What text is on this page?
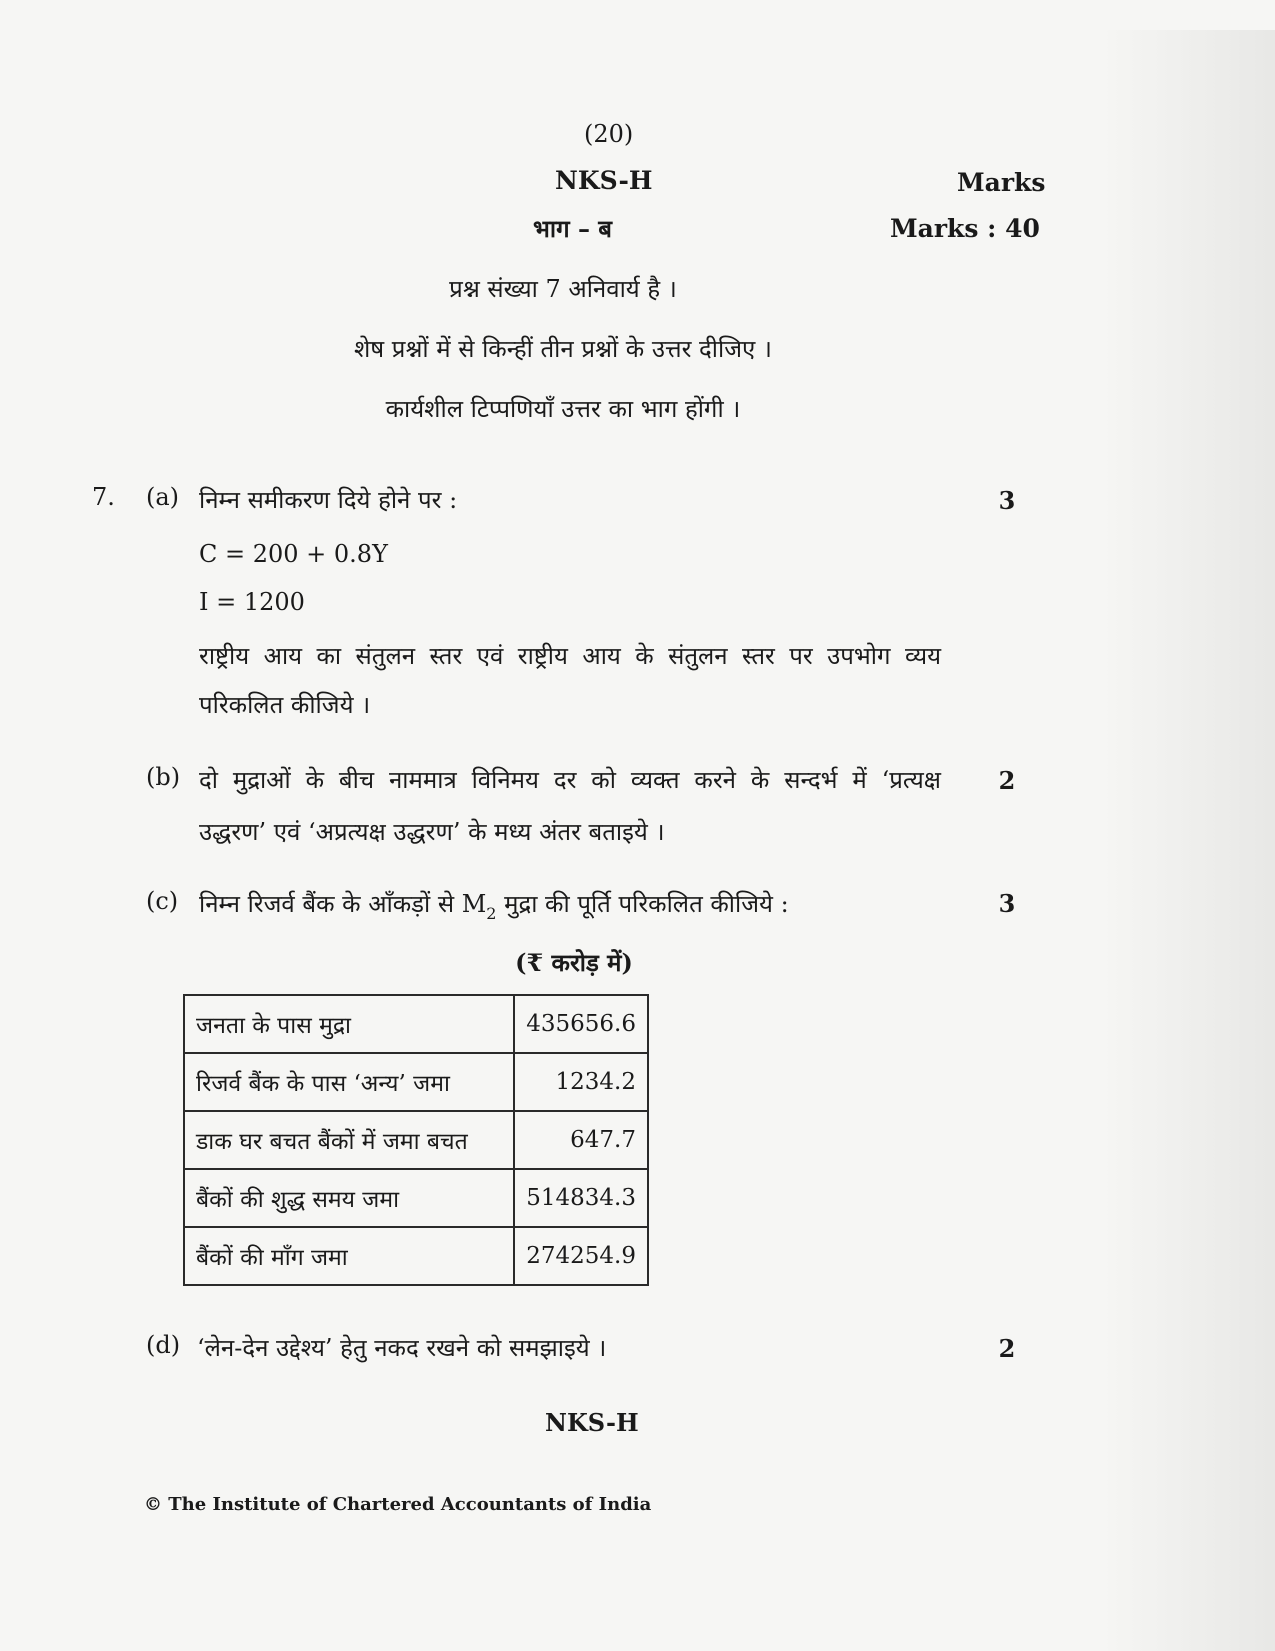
(20)
NKS-H	Marks
भाग – ब	Marks : 40
प्रश्न संख्या 7 अनिवार्य है ।
शेष प्रश्नों में से किन्हीं तीन प्रश्नों के उत्तर दीजिए ।
कार्यशील टिप्पणियाँ उत्तर का भाग होंगी ।
7. (a) निम्न समीकरण दिये होने पर :
C = 200 + 0.8Y
I = 1200
राष्ट्रीय आय का संतुलन स्तर एवं राष्ट्रीय आय के संतुलन स्तर पर उपभोग व्यय
परिकलित कीजिये ।
3
(b) दो मुद्राओं के बीच नाममात्र विनिमय दर को व्यक्त करने के सन्दर्भ में ‘प्रत्यक्ष
उद्धरण’ एवं ‘अप्रत्यक्ष उद्धरण’ के मध्य अंतर बताइये ।
2
(c) निम्न रिजर्व बैंक के आँकड़ों से $M_2$ मुद्रा की पूर्ति परिकलित कीजिये :	3
(₹ करोड़ में)
जनता के पास मुद्रा	435656.6
रिजर्व बैंक के पास ‘अन्य’ जमा	1234.2
डाक घर बचत बैंकों में जमा बचत	647.7
बैंकों की शुद्ध समय जमा	514834.3
बैंकों की माँग जमा	274254.9
(d) ‘लेन-देन उद्देश्य’ हेतु नकद रखने को समझाइये ।	2
NKS-H
© The Institute of Chartered Accountants of India
